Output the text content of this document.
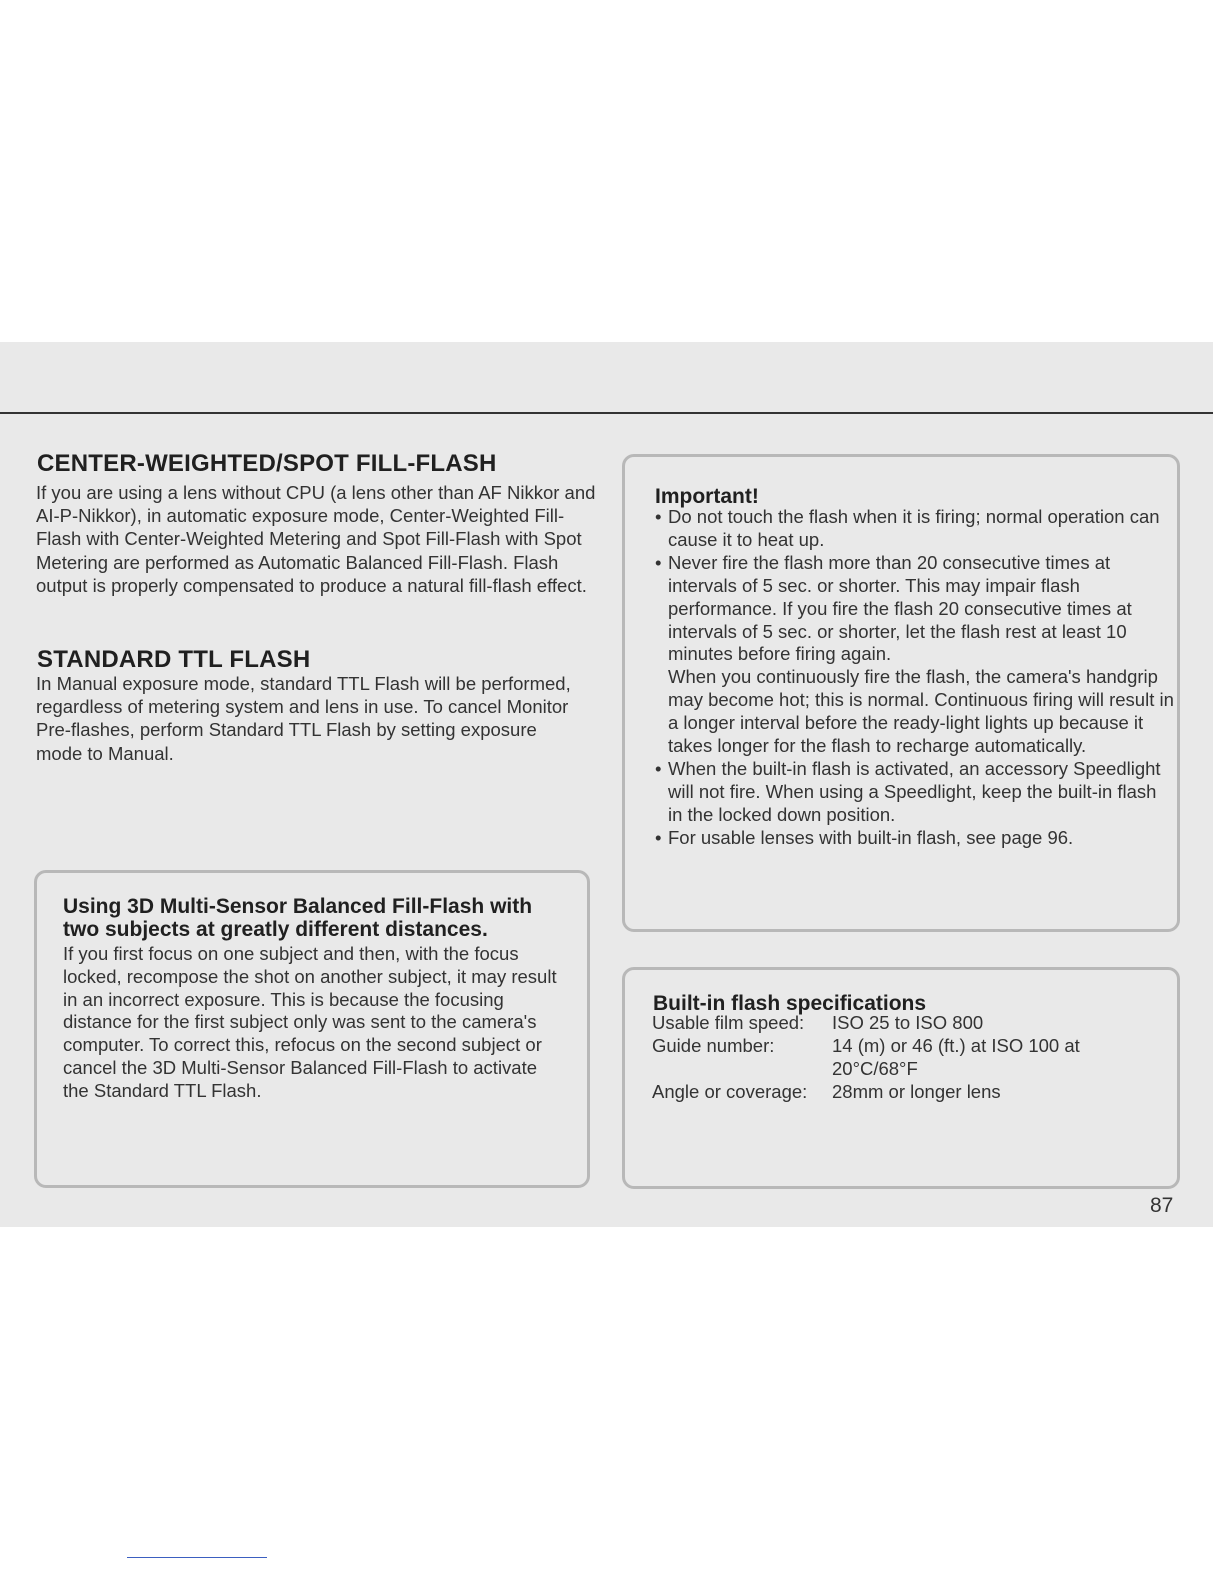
CENTER-WEIGHTED/SPOT FILL-FLASH

If you are using a lens without CPU (a lens other than AF Nikkor and AI-P-Nikkor), in automatic exposure mode, Center-Weighted Fill-Flash with Center-Weighted Metering and Spot Fill-Flash with Spot Metering are performed as Automatic Balanced Fill-Flash. Flash output is properly compensated to produce a natural fill-flash effect.

STANDARD TTL FLASH

In Manual exposure mode, standard TTL Flash will be performed, regardless of metering system and lens in use. To cancel Monitor Pre-flashes, perform Standard TTL Flash by setting exposure mode to Manual.

Using 3D Multi-Sensor Balanced Fill-Flash with two subjects at greatly different distances.

If you first focus on one subject and then, with the focus locked, recompose the shot on another subject, it may result in an incorrect exposure. This is because the focusing distance for the first subject only was sent to the camera's computer. To correct this, refocus on the second subject or cancel the 3D Multi-Sensor Balanced Fill-Flash to activate the Standard TTL Flash.

Important!
• Do not touch the flash when it is firing; normal operation can cause it to heat up.
• Never fire the flash more than 20 consecutive times at intervals of 5 sec. or shorter. This may impair flash performance. If you fire the flash 20 consecutive times at intervals of 5 sec. or shorter, let the flash rest at least 10 minutes before firing again.
When you continuously fire the flash, the camera's handgrip may become hot; this is normal. Continuous firing will result in a longer interval before the ready-light lights up because it takes longer for the flash to recharge automatically.
• When the built-in flash is activated, an accessory Speedlight will not fire. When using a Speedlight, keep the built-in flash in the locked down position.
• For usable lenses with built-in flash, see page 96.
Built-in flash specifications
Usable film speed:	ISO 25 to ISO 800
Guide number:	14 (m) or 46 (ft.) at ISO 100 at 20°C/68°F
Angle or coverage:	28mm or longer lens

87
